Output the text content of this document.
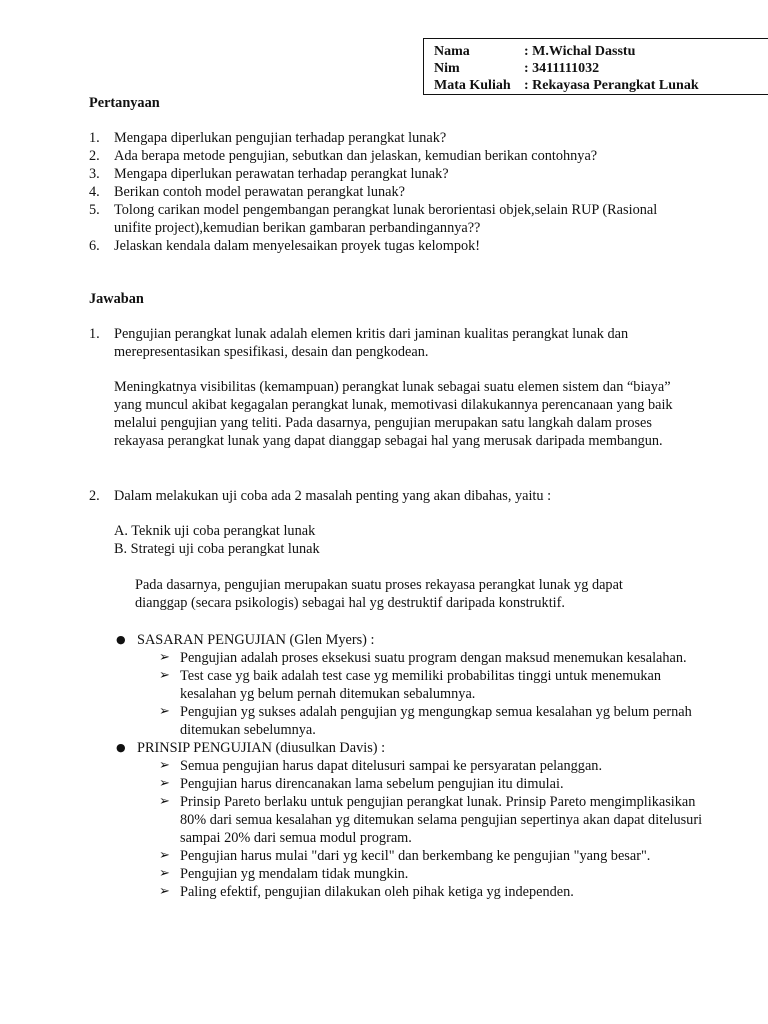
Nama	: M.Wichal Dasstu
Nim	: 3411111032
Mata Kuliah : Rekayasa Perangkat Lunak
Pertanyaan
1. Mengapa diperlukan pengujian terhadap perangkat lunak?
2. Ada berapa metode pengujian, sebutkan dan jelaskan, kemudian berikan contohnya?
3. Mengapa diperlukan perawatan terhadap perangkat lunak?
4. Berikan contoh model perawatan perangkat lunak?
5. Tolong carikan model pengembangan perangkat lunak berorientasi objek,selain RUP (Rasional unifite project),kemudian berikan gambaran perbandingannya??
6. Jelaskan kendala dalam menyelesaikan proyek tugas kelompok!
Jawaban
1. Pengujian perangkat lunak adalah elemen kritis dari jaminan kualitas perangkat lunak dan merepresentasikan spesifikasi, desain dan pengkodean.
Meningkatnya visibilitas (kemampuan) perangkat lunak sebagai suatu elemen sistem dan “biaya” yang muncul akibat kegagalan perangkat lunak, memotivasi dilakukannya perencanaan yang baik melalui pengujian yang teliti. Pada dasarnya, pengujian merupakan satu langkah dalam proses rekayasa perangkat lunak yang dapat dianggap sebagai hal yang merusak daripada membangun.
2. Dalam melakukan uji coba ada 2 masalah penting yang akan dibahas, yaitu :
A. Teknik uji coba perangkat lunak
B. Strategi uji coba perangkat lunak
Pada dasarnya, pengujian merupakan suatu proses rekayasa perangkat lunak yg dapat dianggap (secara psikologis) sebagai hal yg destruktif daripada konstruktif.
● SASARAN PENGUJIAN (Glen Myers) :
➢ Pengujian adalah proses eksekusi suatu program dengan maksud menemukan kesalahan.
➢ Test case yg baik adalah test case yg memiliki probabilitas tinggi untuk menemukan kesalahan yg belum pernah ditemukan sebalumnya.
➢ Pengujian yg sukses adalah pengujian yg mengungkap semua kesalahan yg belum pernah ditemukan sebelumnya.
● PRINSIP PENGUJIAN (diusulkan Davis) :
➢ Semua pengujian harus dapat ditelusuri sampai ke persyaratan pelanggan.
➢ Pengujian harus direncanakan lama sebelum pengujian itu dimulai.
➢ Prinsip Pareto berlaku untuk pengujian perangkat lunak. Prinsip Pareto mengimplikasikan 80% dari semua kesalahan yg ditemukan selama pengujian sepertinya akan dapat ditelusuri sampai 20% dari semua modul program.
➢ Pengujian harus mulai "dari yg kecil" dan berkembang ke pengujian "yang besar".
➢ Pengujian yg mendalam tidak mungkin.
➢ Paling efektif, pengujian dilakukan oleh pihak ketiga yg independen.
